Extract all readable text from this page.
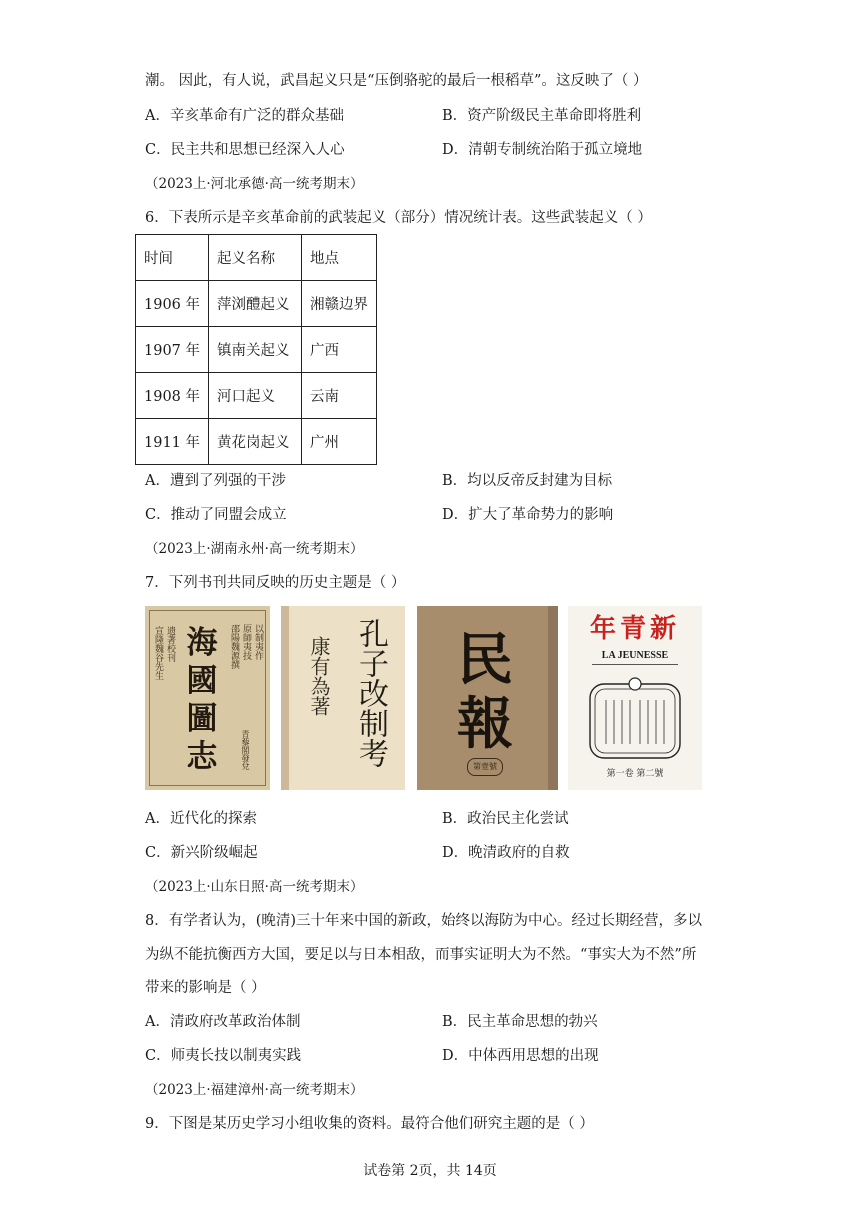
潮。 因此，有人说，武昌起义只是“压倒骆驼的最后一根稻草”。这反映了（ ）
A．辛亥革命有广泛的群众基础	B．资产阶级民主革命即将胜利
C．民主共和思想已经深入人心	D．清朝专制统治陷于孤立境地
（2023上·河北承德·高一统考期末）
6．下表所示是辛亥革命前的武装起义（部分）情况统计表。这些武装起义（ ）
时间	起义名称	地点
1906 年	萍浏醴起义	湘赣边界
1907 年	镇南关起义	广西
1908 年	河口起义	云南
1911 年	黄花岗起义	广州
A．遭到了列强的干涉	B．均以反帝反封建为目标
C．推动了同盟会成立	D．扩大了革命势力的影响
（2023上·湖南永州·高一统考期末）
7．下列书刊共同反映的历史主题是（ ）
宣隆魏谷先生 遗著校刊 海
國
圖
志
邵陽魏源撰 原師夷技 以制夷作
青藜閣發兌	孔子改制考
康有為著 民
報
第壹號
新青年
LA JEUNESSE
第一卷 第二號
A．近代化的探索	B．政治民主化尝试
C．新兴阶级崛起	D．晚清政府的自救
（2023上·山东日照·高一统考期末）
8．有学者认为，(晚清)三十年来中国的新政，始终以海防为中心。经过长期经营，多以
为纵不能抗衡西方大国，要足以与日本相敌，而事实证明大为不然。“事实大为不然”所
带来的影响是（ ）
A．清政府改革政治体制	B．民主革命思想的勃兴
C．师夷长技以制夷实践	D．中体西用思想的出现
（2023上·福建漳州·高一统考期末）
9．下图是某历史学习小组收集的资料。最符合他们研究主题的是（ ）
试卷第 2页，共 14页
